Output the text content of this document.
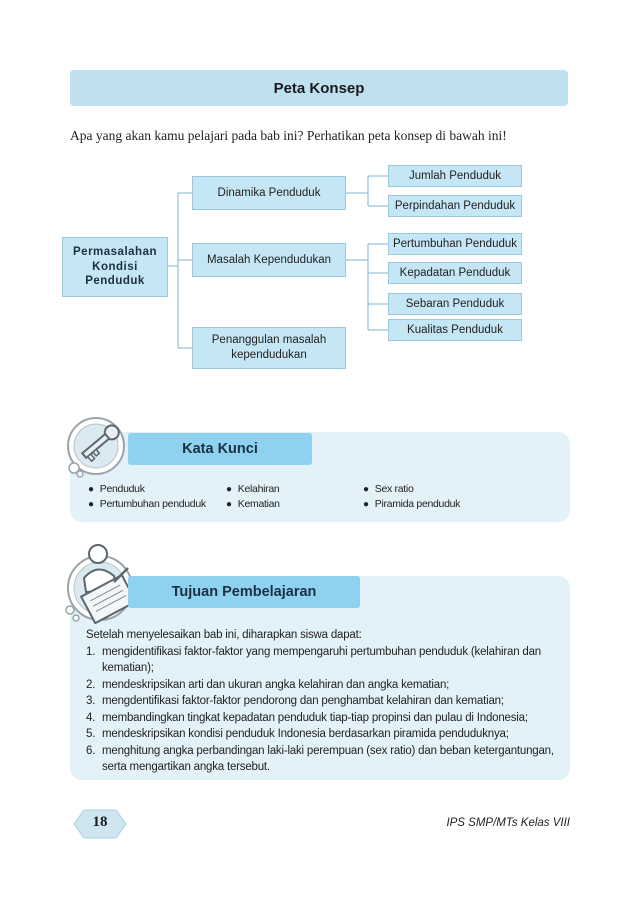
Peta Konsep
Apa yang akan kamu pelajari pada bab ini? Perhatikan peta konsep di bawah ini!
Permasalahan
Kondisi
Penduduk
Dinamika Penduduk
Masalah Kependudukan
Penanggulan masalah
kependudukan
Jumlah Penduduk
Perpindahan Penduduk
Pertumbuhan Penduduk
Kepadatan Penduduk
Sebaran Penduduk
Kualitas Penduduk
Kata Kunci
● Penduduk
● Pertumbuhan penduduk
● Kelahiran
● Kematian
● Sex ratio
● Piramida penduduk
Tujuan Pembelajaran
Setelah menyelesaikan bab ini, diharapkan siswa dapat:
1. mengidentifikasi faktor-faktor yang mempengaruhi pertumbuhan penduduk (kelahiran dan
kematian);
2. mendeskripsikan arti dan ukuran angka kelahiran dan angka kematian;
3. mengdentifikasi faktor-faktor pendorong dan penghambat kelahiran dan kematian;
4. membandingkan tingkat kepadatan penduduk tiap-tiap propinsi dan pulau di Indonesia;
5. mendeskripsikan kondisi penduduk Indonesia berdasarkan piramida penduduknya;
6. menghitung angka perbandingan laki-laki perempuan (sex ratio) dan beban ketergantungan,
serta mengartikan angka tersebut.
18	IPS SMP/MTs Kelas VIII
